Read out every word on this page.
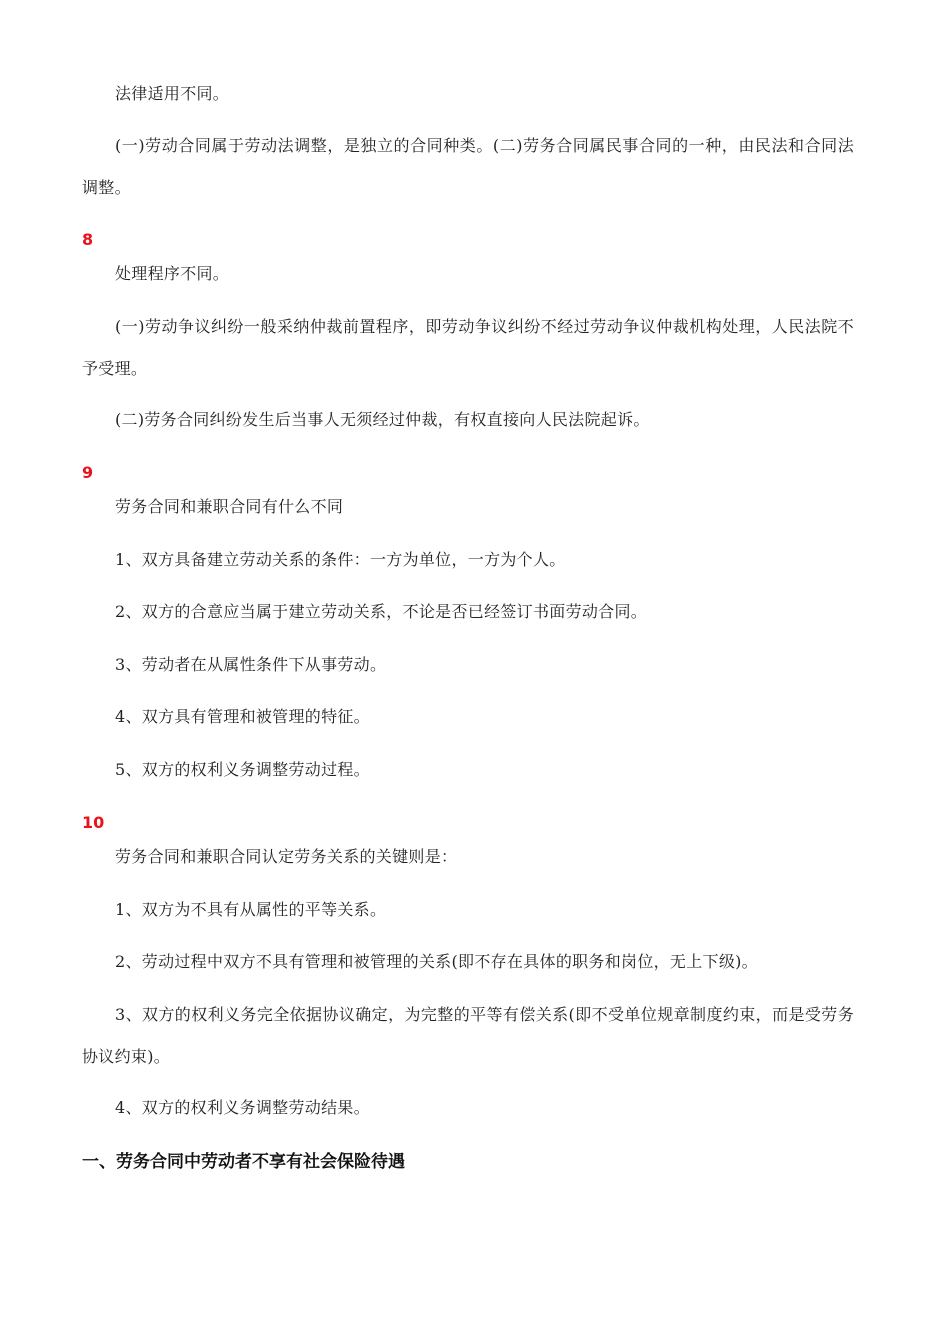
法律适用不同。
(一)劳动合同属于劳动法调整，是独立的合同种类。(二)劳务合同属民事合同的一种，由民法和合同法调整。
8
处理程序不同。
(一)劳动争议纠纷一般采纳仲裁前置程序，即劳动争议纠纷不经过劳动争议仲裁机构处理，人民法院不予受理。
(二)劳务合同纠纷发生后当事人无须经过仲裁，有权直接向人民法院起诉。
9
劳务合同和兼职合同有什么不同
1、双方具备建立劳动关系的条件：一方为单位，一方为个人。
2、双方的合意应当属于建立劳动关系，不论是否已经签订书面劳动合同。
3、劳动者在从属性条件下从事劳动。
4、双方具有管理和被管理的特征。
5、双方的权利义务调整劳动过程。
10
劳务合同和兼职合同认定劳务关系的关键则是：
1、双方为不具有从属性的平等关系。
2、劳动过程中双方不具有管理和被管理的关系(即不存在具体的职务和岗位，无上下级)。
3、双方的权利义务完全依据协议确定，为完整的平等有偿关系(即不受单位规章制度约束，而是受劳务协议约束)。
4、双方的权利义务调整劳动结果。
一、劳务合同中劳动者不享有社会保险待遇
